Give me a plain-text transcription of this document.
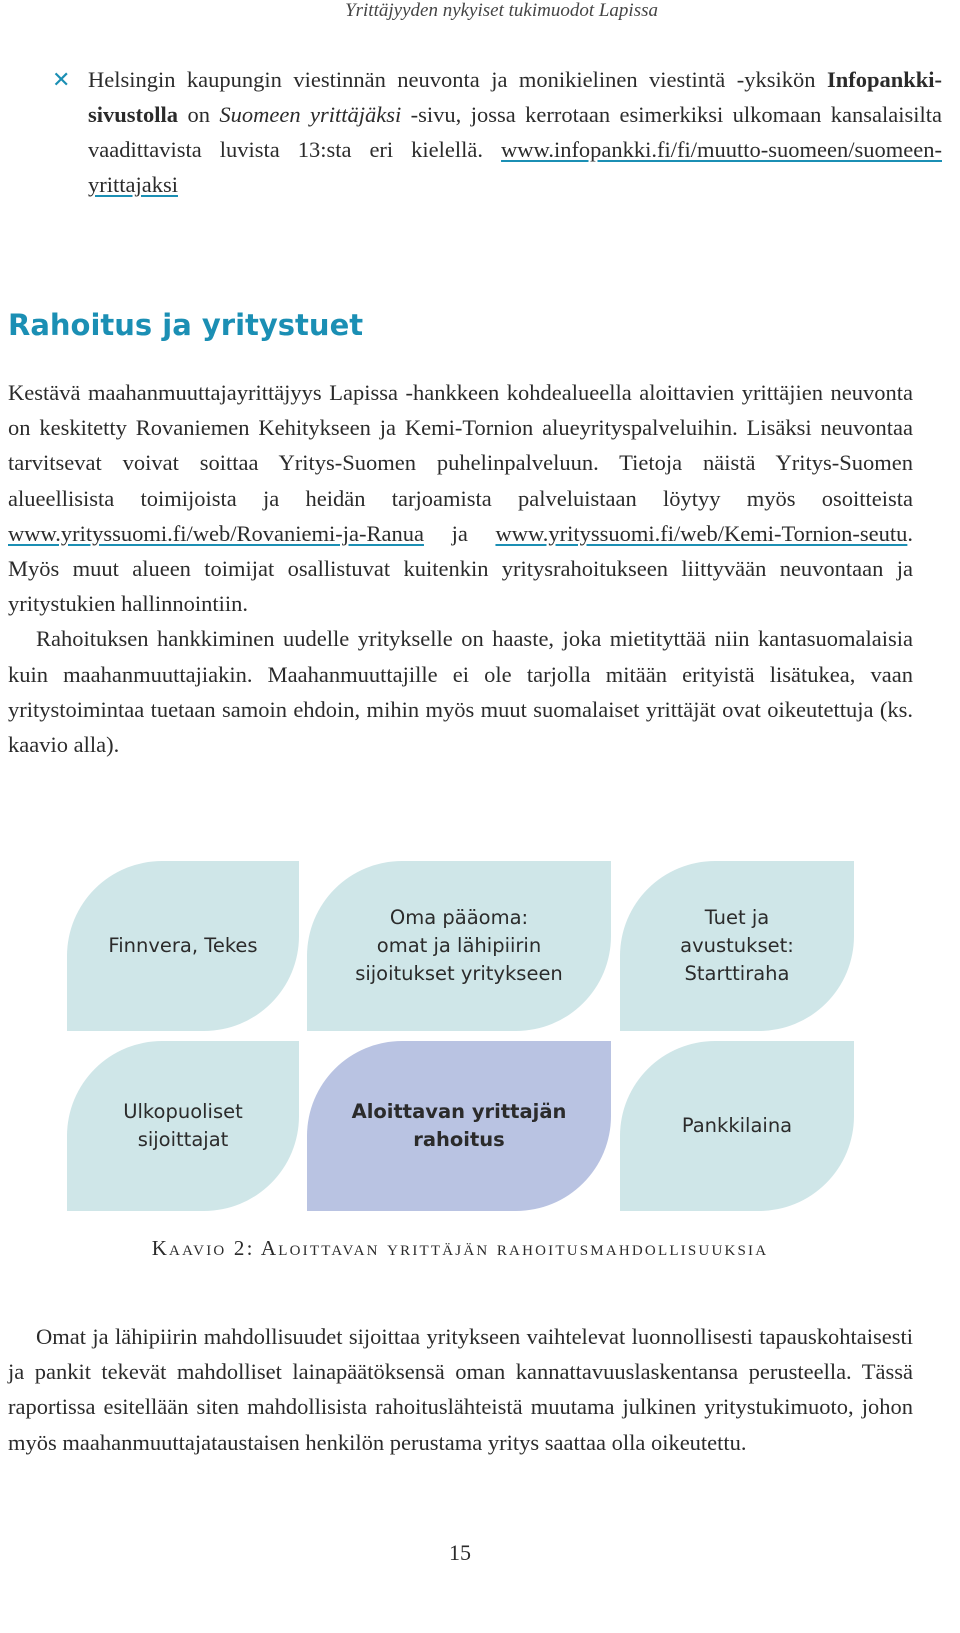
Yrittäjyyden nykyiset tukimuodot Lapissa
✕ Helsingin kaupungin viestinnän neuvonta ja monikielinen viestintä -yksikön Infopankki-sivustolla on Suomeen yrittäjäksi -sivu, jossa kerrotaan esimerkiksi ulkomaan kansalaisilta vaadittavista luvista 13:sta eri kielellä. www.infopankki.fi/fi/muutto-suomeen/suomeen-yrittajaksi
Rahoitus ja yritystuet

Kestävä maahanmuuttajayrittäjyys Lapissa -hankkeen kohdealueella aloittavien yrittäjien neuvonta on keskitetty Rovaniemen Kehitykseen ja Kemi-Tornion alueyrityspalveluihin. Lisäksi neuvontaa tarvitsevat voivat soittaa Yritys-Suomen puhelinpalveluun. Tietoja näistä Yritys-Suomen alueellisista toimijoista ja heidän tarjoamista palveluistaan löytyy myös osoitteista www.yrityssuomi.fi/web/Rovaniemi-ja-Ranua ja www.yrityssuomi.fi/web/Kemi-Tornion-seutu. Myös muut alueen toimijat osallistuvat kuitenkin yritysrahoitukseen liittyvään neuvontaan ja yritystukien hallinnointiin.

Rahoituksen hankkiminen uudelle yritykselle on haaste, joka mietityttää niin kantasuomalaisia kuin maahanmuuttajiakin. Maahanmuuttajille ei ole tarjolla mitään erityistä lisätukea, vaan yritystoimintaa tuetaan samoin ehdoin, mihin myös muut suomalaiset yrittäjät ovat oikeutettuja (ks. kaavio alla).

Finnvera, Tekes
Oma pääoma:
omat ja lähipiirin
sijoitukset yritykseen
Tuet ja
avustukset:
Starttiraha
Ulkopuoliset
sijoittajat
Aloittavan yrittajän
rahoitus
Pankkilaina
Kaavio 2: Aloittavan yrittäjän rahoitusmahdollisuuksia

Omat ja lähipiirin mahdollisuudet sijoittaa yritykseen vaihtelevat luonnollisesti tapauskohtaisesti ja pankit tekevät mahdolliset lainapäätöksensä oman kannattavuuslaskentansa perusteella. Tässä raportissa esitellään siten mahdollisista rahoituslähteistä muutama julkinen yritystukimuoto, johon myös maahanmuuttajataustaisen henkilön perustama yritys saattaa olla oikeutettu.

15
